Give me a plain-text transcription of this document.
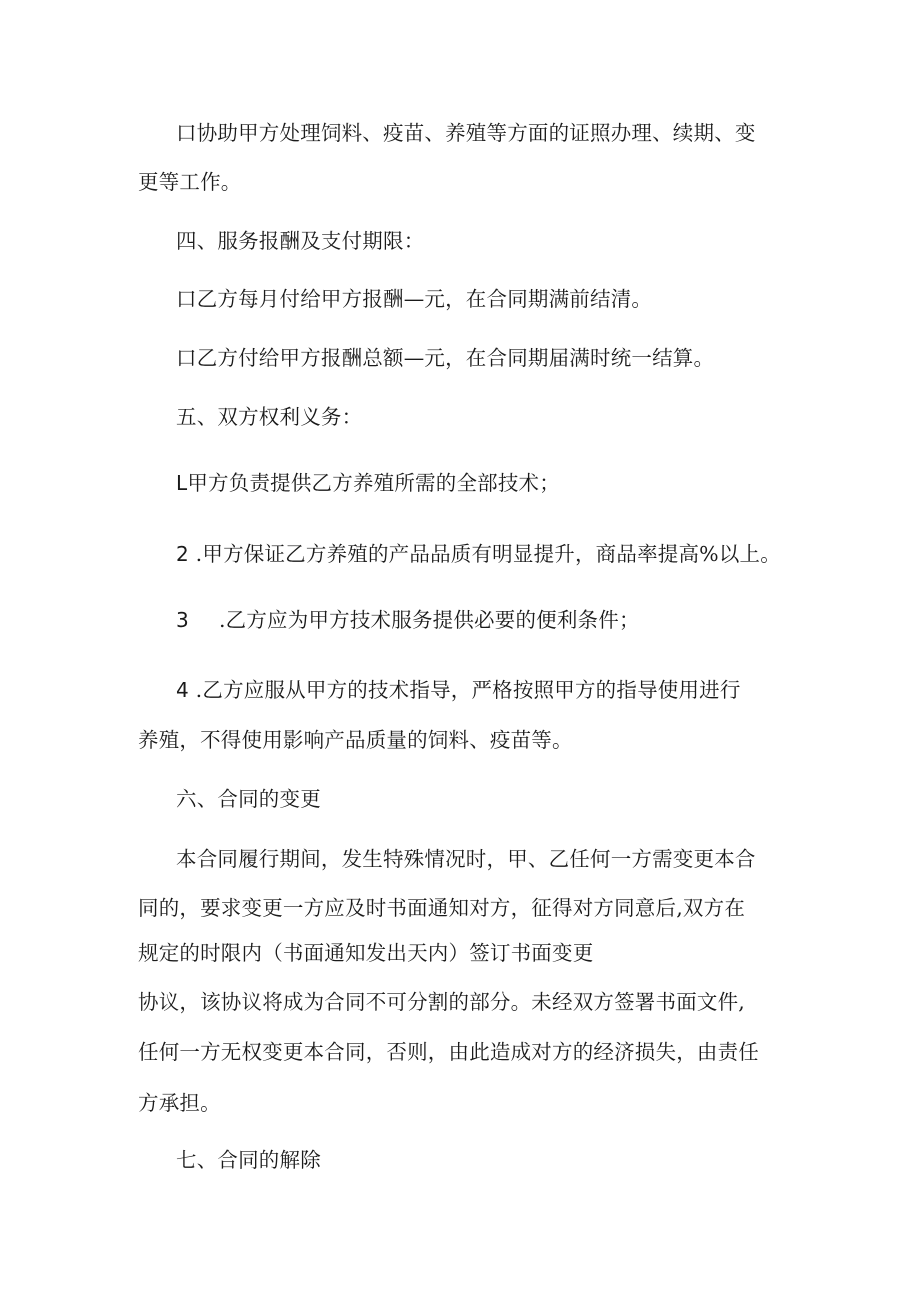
口协助甲方处理饲料、疫苗、养殖等方面的证照办理、续期、变
更等工作。
四、服务报酬及支付期限：
口乙方每月付给甲方报酬—元，在合同期满前结清。
口乙方付给甲方报酬总额—元，在合同期届满时统一结算。
五、双方权利义务：
L甲方负责提供乙方养殖所需的全部技术；
2 .甲方保证乙方养殖的产品品质有明显提升，商品率提高%以上。
3 .乙方应为甲方技术服务提供必要的便利条件；
4 .乙方应服从甲方的技术指导，严格按照甲方的指导使用进行
养殖，不得使用影响产品质量的饲料、疫苗等。
六、合同的变更
本合同履行期间，发生特殊情况时，甲、乙任何一方需变更本合
同的，要求变更一方应及时书面通知对方，征得对方同意后,双方在
规定的时限内（书面通知发出天内）签订书面变更
协议，该协议将成为合同不可分割的部分。未经双方签署书面文件,
任何一方无权变更本合同，否则，由此造成对方的经济损失，由责任
方承担。
七、合同的解除
